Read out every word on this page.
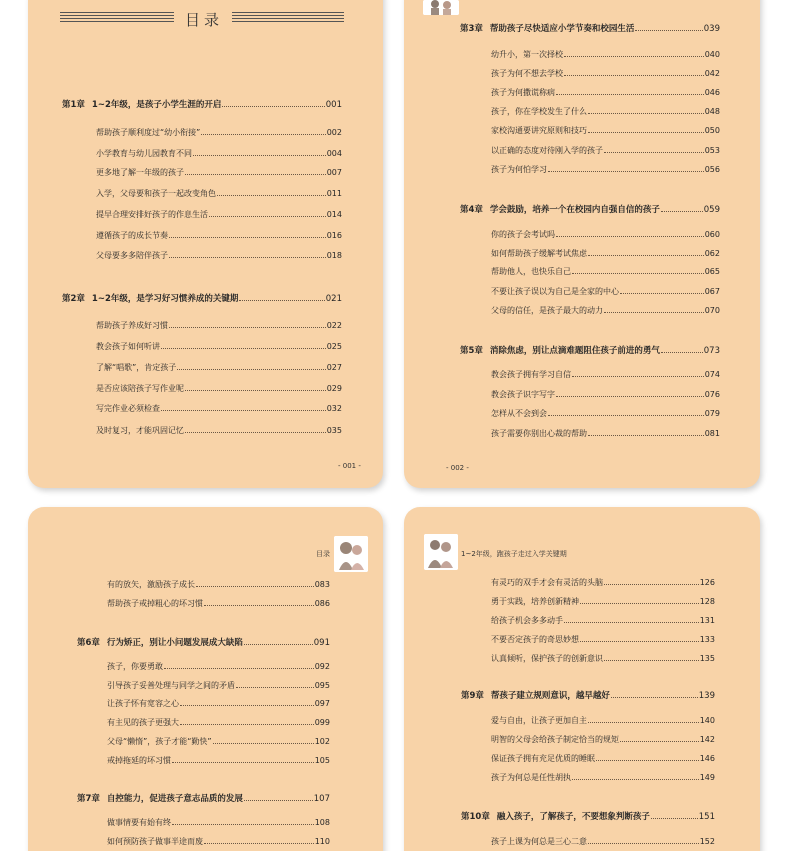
目录
目录	1~2年级，跑孩子走过入学关键期
- 001 -	- 002 -
第1章 1~2年级，是孩子小学生涯的开启	001
帮助孩子顺利度过“幼小衔接”	002
小学教育与幼儿园教育不同	004
更多地了解一年级的孩子	007
入学，父母要和孩子一起改变角色	011
提早合理安排好孩子的作息生活	014
遵循孩子的成长节奏	016
父母要多多陪伴孩子	018
第2章 1~2年级，是学习好习惯养成的关键期	021
帮助孩子养成好习惯	022
教会孩子如何听讲	025
了解“唱歌”，肯定孩子	027
是否应该陪孩子写作业呢	029
写完作业必须检查	032
及时复习，才能巩固记忆	035
第3章 帮助孩子尽快适应小学节奏和校园生活	039
幼升小，第一次择校	040
孩子为何不想去学校	042
孩子为何撒谎称病	046
孩子，你在学校发生了什么	048
家校沟通要讲究原则和技巧	050
以正确的态度对待刚入学的孩子	053
孩子为何怕学习	056
第4章 学会鼓励，培养一个在校园内自强自信的孩子	059
你的孩子会考试吗	060
如何帮助孩子缓解考试焦虑	062
帮助他人，也快乐自己	065
不要让孩子误以为自己是全家的中心	067
父母的信任，是孩子最大的动力	070
第5章 消除焦虑，别让点滴难题阻住孩子前进的勇气	073
教会孩子拥有学习自信	074
教会孩子识字写字	076
怎样从不会到会	079
孩子需要你别出心裁的帮助	081
有的放矢，激励孩子成长	083
帮助孩子戒掉粗心的坏习惯	086
第6章 行为矫正，别让小问题发展成大缺陷	091
孩子，你要勇敢	092
引导孩子妥善处理与同学之间的矛盾	095
让孩子怀有宽容之心	097
有主见的孩子更强大	099
父母“懒惰”，孩子才能“勤快”	102
戒掉拖延的坏习惯	105
第7章 自控能力，促进孩子意志品质的发展	107
做事情要有始有终	108
如何预防孩子做事半途而废	110
有灵巧的双手才会有灵活的头脑	126
勇于实践，培养创新精神	128
给孩子机会多多动手	131
不要否定孩子的奇思妙想	133
认真倾听，保护孩子的创新意识	135
第9章 帮孩子建立规则意识，越早越好	139
爱与自由，让孩子更加自主	140
明智的父母会给孩子制定恰当的规矩	142
保证孩子拥有充足优质的睡眠	146
孩子为何总是任性胡执	149
第10章 融入孩子，了解孩子，不要想象判断孩子	151
孩子上课为何总是三心二意	152
